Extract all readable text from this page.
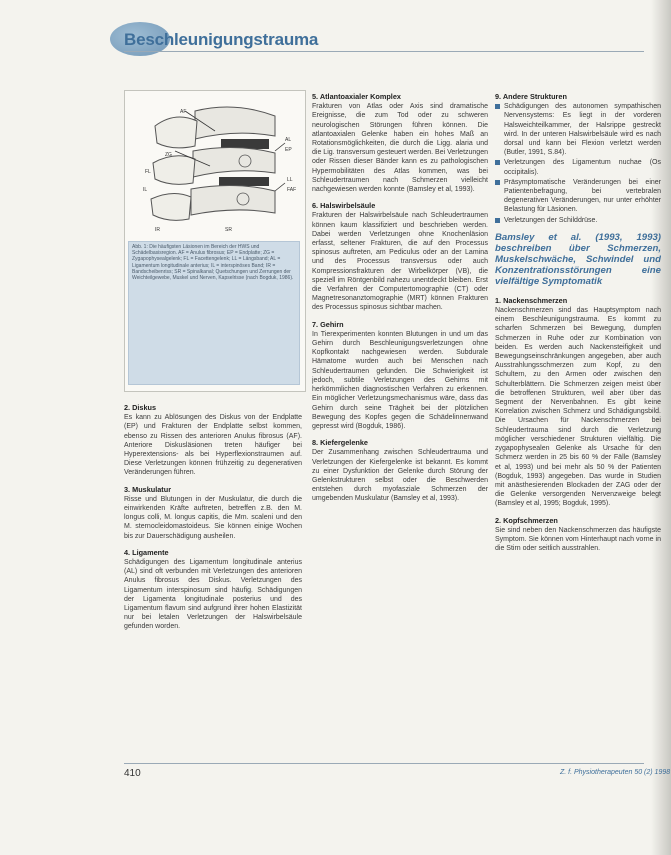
Beschleunigungstrauma
AF
AL
EP
ZG
FL
LL
FAF
IL
IR	SR
Abb. 1: Die häufigsten Läsionen im Bereich der HWS und Schädelbasisregion. AF = Anulus fibrosus; EP = Endplatte; ZG = Zygapophysealgelenk; FL = Facettengelenk; LL = Längsband; AL = Ligamentum longitudinale anterius; IL = interspinöses Band; IR = Bandscheibenriss; SR = Spinalkanal; Quetschungen und Zerrungen der Weichteilgewebe, Muskel und Nerven, Kapselrisse (nach Bogduk, 1986).
2. Diskus

Es kann zu Ablösungen des Diskus von der Endplatte (EP) und Frakturen der Endplatte selbst kommen, ebenso zu Rissen des anterioren Anulus fibrosus (AF). Anteriore Diskusläsionen treten häufiger bei Hyperextensions- als bei Hyperflexionstraumen auf. Diese Verletzungen können frühzeitig zu degenerativen Veränderungen führen.

3. Muskulatur

Risse und Blutungen in der Muskulatur, die durch die einwirkenden Kräfte auftreten, betreffen z.B. den M. longus colli, M. longus capitis, die Mm. scaleni und den M. sternocleidomastoideus. Sie können einige Wochen bis zur Dauerschädigung ausheilen.

4. Ligamente

Schädigungen des Ligamentum longitudinale anterius (AL) sind oft verbunden mit Verletzungen des anterioren Anulus fibrosus des Diskus. Verletzungen des Ligamentum interspinosum sind häufig. Schädigungen der Ligamenta longitudinale posterius und des Ligamentum flavum sind aufgrund ihrer hohen Elastizität nur bei letalen Verletzungen der Halswirbelsäule gefunden worden.

5. Atlantoaxialer Komplex

Frakturen von Atlas oder Axis sind dramatische Ereignisse, die zum Tod oder zu schweren neurologischen Störungen führen können. Die atlantoaxialen Gelenke haben ein hohes Maß an Rotationsmöglichkeiten, die durch die Ligg. alaria und die Lig. transversum gesteuert werden. Bei Verletzungen oder Rissen dieser Bänder kann es zu pathologischen Hypermobilitäten des Atlas kommen, was bei Schleudertraumen nach Schmerzen vielleicht nachgewiesen werden konnte (Bamsley et al, 1993).

6. Halswirbelsäule

Frakturen der Halswirbelsäule nach Schleudertraumen können kaum klassifiziert und beschrieben werden. Dabei werden Verletzungen ohne Knochenläsion erfasst, seltener Frakturen, die auf den Processus spinosus auftreten, am Pediculus oder an der Lamina und des Processus transversus oder auch Kompressionsfrakturen der Wirbelkörper (VB), die speziell im Röntgenbild nahezu unentdeckt bleiben. Erst die Verfahren der Computertomographie (CT) oder Magnetresonanztomographie (MRT) können Frakturen des Processus spinosus sichtbar machen.

7. Gehirn

In Tierexperimenten konnten Blutungen in und um das Gehirn durch Beschleunigungsverletzungen ohne Kopfkontakt nachgewiesen werden. Subdurale Hämatome wurden auch bei Menschen nach Schleudertraumen gefunden. Die Schwierigkeit ist jedoch, subtile Verletzungen des Gehirns mit herkömmlichen diagnostischen Verfahren zu erkennen. Ein möglicher Verletzungsmechanismus wäre, dass das Gehirn durch seine Trägheit bei der plötzlichen Bewegung des Kopfes gegen die Schädelinnenwand gepresst wird (Bogduk, 1986).

8. Kiefergelenke

Der Zusammenhang zwischen Schleudertrauma und Verletzungen der Kiefergelenke ist bekannt. Es kommt zu einer Dysfunktion der Gelenke durch Störung der Gelenkstrukturen selbst oder die Beschwerden entstehen durch myofasziale Schmerzen der umgebenden Muskulatur (Bamsley et al, 1993).

9. Andere Strukturen
Schädigungen des autonomen sympathischen Nervensystems: Es liegt in der vorderen Halsweichteilkammer, der Halsrippe gestreckt wird. In der unteren Halswirbelsäule wird es nach dorsal und kann bei Flexion verletzt werden (Butler, 1991, S.84).
Verletzungen des Ligamentum nuchae (Os occipitalis).
Präsymptomatische Veränderungen bei einer Patientenbefragung, bei vertebralen degenerativen Veränderungen, nur unter erhöhter Belastung für Läsionen.
Verletzungen der Schilddrüse.
Bamsley et al. (1993, 1993) beschreiben über Schmerzen, Muskelschwäche, Schwindel und Konzentrationsstörungen eine vielfältige Symptomatik
1. Nackenschmerzen

Nackenschmerzen sind das Hauptsymptom nach einem Beschleunigungstrauma. Es kommt zu scharfen Schmerzen bei Bewegung, dumpfen Schmerzen in Ruhe oder zur Kombination von beiden. Es werden auch Nackensteifigkeit und Bewegungseinschränkungen angegeben, aber auch Ausstrahlungsschmerzen zum Kopf, zu den Schultern, zu den Armen oder zwischen den Schulterblättern. Die Schmerzen zeigen meist über die betroffenen Strukturen, weil aber über das Segment der Nervenbahnen. Es gibt keine Korrelation zwischen Schmerz und Schädigungsbild. Die Ursachen für Nackenschmerzen bei Schleudertrauma sind durch die Verletzung möglicher verschiedener Strukturen vielfältig. Die zygapophysealen Gelenke als Ursache für den Schmerz werden in 25 bis 60 % der Fälle (Bamsley et al, 1993) und bei mehr als 50 % der Patienten (Bogduk, 1993) angegeben. Das wurde in Studien mit anästhesierenden Blockaden der ZAG oder der die Gelenke versorgenden Nervenzweige belegt (Bamsley et al, 1995; Bogduk, 1995).

2. Kopfschmerzen

Sie sind neben den Nackenschmerzen das häufigste Symptom. Sie können vom Hinterhaupt nach vorne in die Stirn oder seitlich ausstrahlen.

410	Z. f. Physiotherapeuten 50 (2) 1998
